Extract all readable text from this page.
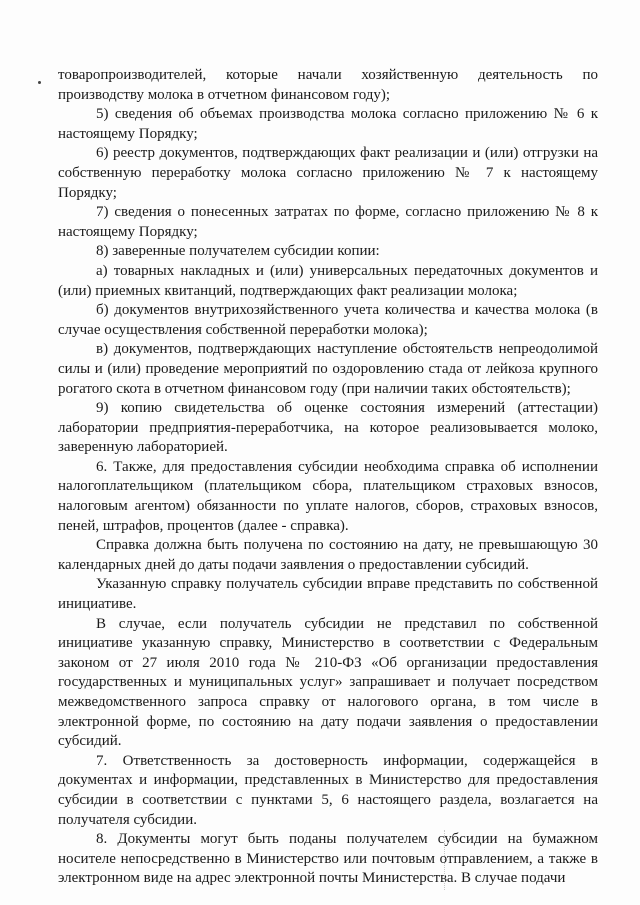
товаропроизводителей, которые начали хозяйственную деятельность по производству молока в отчетном финансовом году);

5) сведения об объемах производства молока согласно приложению № 6 к настоящему Порядку;

6) реестр документов, подтверждающих факт реализации и (или) отгрузки на собственную переработку молока согласно приложению № 7 к настоящему Порядку;

7) сведения о понесенных затратах по форме, согласно приложению № 8 к настоящему Порядку;

8) заверенные получателем субсидии копии:

а) товарных накладных и (или) универсальных передаточных документов и (или) приемных квитанций, подтверждающих факт реализации молока;

б) документов внутрихозяйственного учета количества и качества молока (в случае осуществления собственной переработки молока);

в) документов, подтверждающих наступление обстоятельств непреодолимой силы и (или) проведение мероприятий по оздоровлению стада от лейкоза крупного рогатого скота в отчетном финансовом году (при наличии таких обстоятельств);

9) копию свидетельства об оценке состояния измерений (аттестации) лаборатории предприятия-переработчика, на которое реализовывается молоко, заверенную лабораторией.

6. Также, для предоставления субсидии необходима справка об исполнении налогоплательщиком (плательщиком сбора, плательщиком страховых взносов, налоговым агентом) обязанности по уплате налогов, сборов, страховых взносов, пеней, штрафов, процентов (далее - справка).

Справка должна быть получена по состоянию на дату, не превышающую 30 календарных дней до даты подачи заявления о предоставлении субсидий.

Указанную справку получатель субсидии вправе представить по собственной инициативе.

В случае, если получатель субсидии не представил по собственной инициативе указанную справку, Министерство в соответствии с Федеральным законом от 27 июля 2010 года № 210-ФЗ «Об организации предоставления государственных и муниципальных услуг» запрашивает и получает посредством межведомственного запроса справку от налогового органа, в том числе в электронной форме, по состоянию на дату подачи заявления о предоставлении субсидий.

7. Ответственность за достоверность информации, содержащейся в документах и информации, представленных в Министерство для предоставления субсидии в соответствии с пунктами 5, 6 настоящего раздела, возлагается на получателя субсидии.

8. Документы могут быть поданы получателем субсидии на бумажном носителе непосредственно в Министерство или почтовым отправлением, а также в электронном виде на адрес электронной почты Министерства. В случае подачи
